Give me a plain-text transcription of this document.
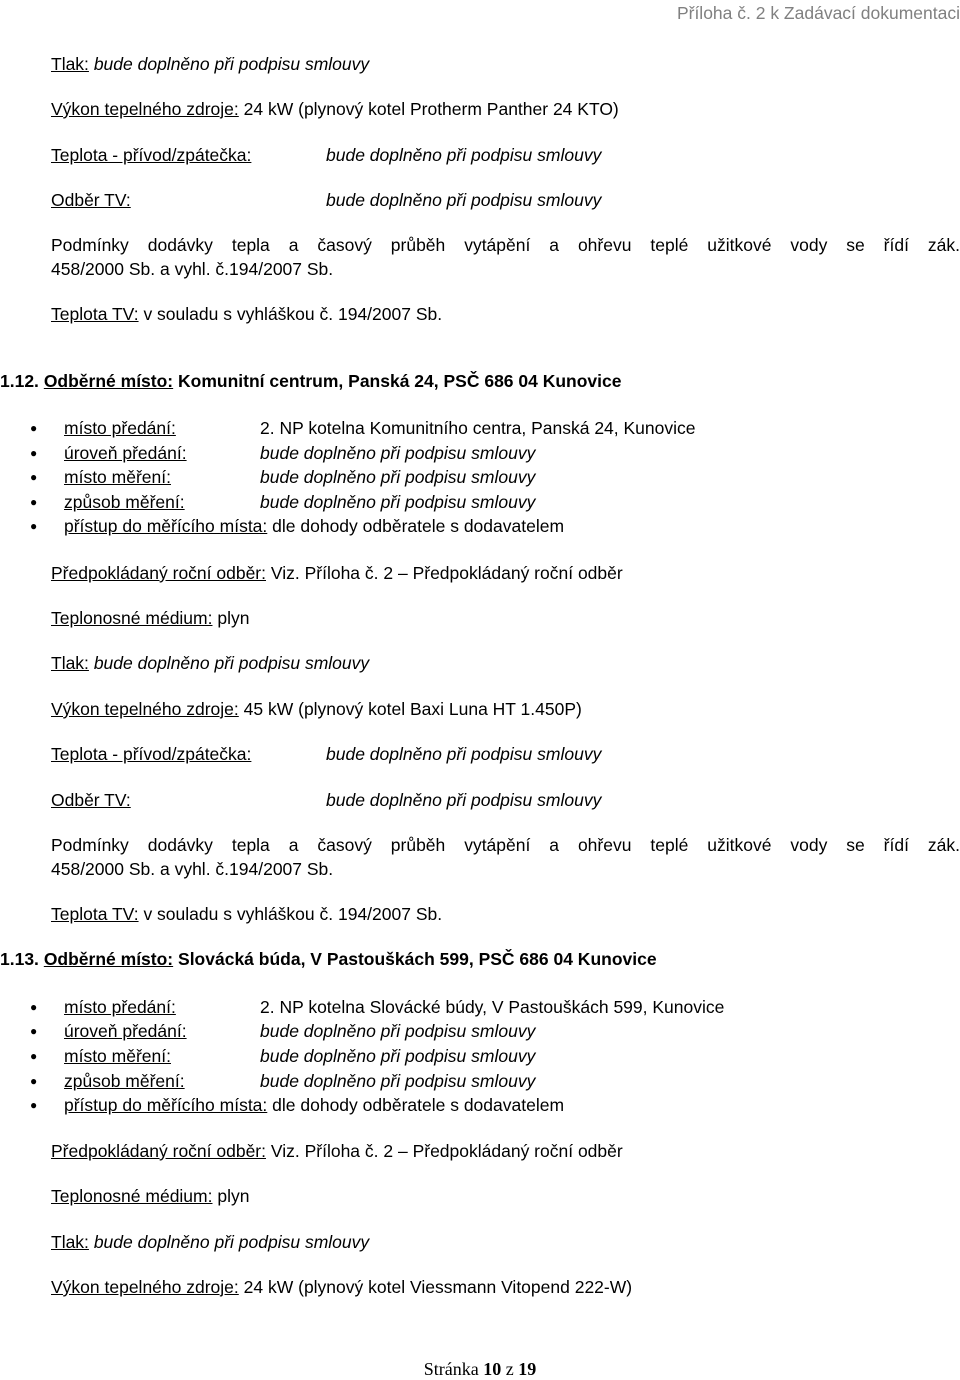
Příloha č. 2 k Zadávací dokumentaci
Tlak: bude doplněno při podpisu smlouvy
Výkon tepelného zdroje: 24 kW (plynový kotel Protherm Panther 24 KTO)
Teplota - přívod/zpátečka:	bude doplněno při podpisu smlouvy
Odběr TV:	bude doplněno při podpisu smlouvy
Podmínky dodávky tepla a časový průběh vytápění a ohřevu teplé užitkové vody se řídí zák.
458/2000 Sb. a vyhl. č.194/2007 Sb.
Teplota TV: v souladu s vyhláškou č. 194/2007 Sb.
1.12. Odběrné místo: Komunitní centrum, Panská 24, PSČ 686 04 Kunovice
● místo předání:	2. NP kotelna Komunitního centra, Panská 24, Kunovice
● úroveň předání:	bude doplněno při podpisu smlouvy
● místo měření:	bude doplněno při podpisu smlouvy
● způsob měření:	bude doplněno při podpisu smlouvy
● přístup do měřícího místa: dle dohody odběratele s dodavatelem
Předpokládaný roční odběr: Viz. Příloha č. 2 – Předpokládaný roční odběr
Teplonosné médium: plyn
Tlak: bude doplněno při podpisu smlouvy
Výkon tepelného zdroje: 45 kW (plynový kotel Baxi Luna HT 1.450P)
Teplota - přívod/zpátečka:	bude doplněno při podpisu smlouvy
Odběr TV:	bude doplněno při podpisu smlouvy
Podmínky dodávky tepla a časový průběh vytápění a ohřevu teplé užitkové vody se řídí zák.
458/2000 Sb. a vyhl. č.194/2007 Sb.
Teplota TV: v souladu s vyhláškou č. 194/2007 Sb.
1.13. Odběrné místo: Slovácká búda, V Pastouškách 599, PSČ 686 04 Kunovice
● místo předání:	2. NP kotelna Slovácké búdy, V Pastouškách 599, Kunovice
● úroveň předání:	bude doplněno při podpisu smlouvy
● místo měření:	bude doplněno při podpisu smlouvy
● způsob měření:	bude doplněno při podpisu smlouvy
● přístup do měřícího místa: dle dohody odběratele s dodavatelem
Předpokládaný roční odběr: Viz. Příloha č. 2 – Předpokládaný roční odběr
Teplonosné médium: plyn
Tlak: bude doplněno při podpisu smlouvy
Výkon tepelného zdroje: 24 kW (plynový kotel Viessmann Vitopend 222-W)
Stránka 10 z 19
